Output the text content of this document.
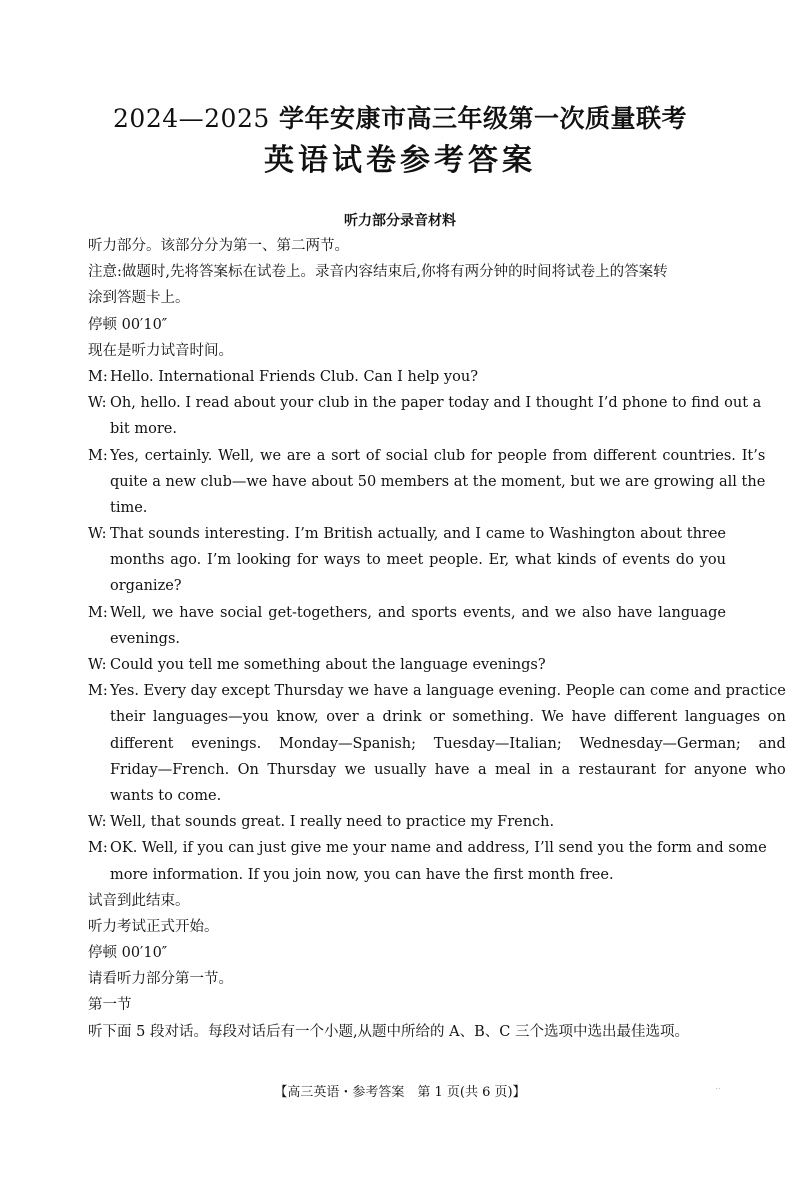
2024—2025 学年安康市高三年级第一次质量联考
英语试卷参考答案
听力部分录音材料
听力部分。该部分分为第一、第二两节。
注意:做题时,先将答案标在试卷上。录音内容结束后,你将有两分钟的时间将试卷上的答案转
涂到答题卡上。
停顿 00′10″
现在是听力试音时间。
M: Hello. International Friends Club. Can I help you?
W: Oh, hello. I read about your club in the paper today and I thought I’d phone to find out a
bit more.
M: Yes, certainly. Well, we are a sort of social club for people from different countries. It’s
quite a new club—we have about 50 members at the moment, but we are growing all the
time.
W: That sounds interesting. I’m British actually, and I came to Washington about three
months ago. I’m looking for ways to meet people. Er, what kinds of events do you
organize?
M: Well, we have social get-togethers, and sports events, and we also have language
evenings.
W: Could you tell me something about the language evenings?
M: Yes. Every day except Thursday we have a language evening. People can come and practice
their languages—you know, over a drink or something. We have different languages on
different evenings. Monday—Spanish; Tuesday—Italian; Wednesday—German; and
Friday—French. On Thursday we usually have a meal in a restaurant for anyone who
wants to come.
W: Well, that sounds great. I really need to practice my French.
M: OK. Well, if you can just give me your name and address, I’ll send you the form and some
more information. If you join now, you can have the first month free.
试音到此结束。
听力考试正式开始。
停顿 00′10″
请看听力部分第一节。
第一节
听下面 5 段对话。每段对话后有一个小题,从题中所给的 A、B、C 三个选项中选出最佳选项。
【高三英语・参考答案　第 1 页(共 6 页)】	..
